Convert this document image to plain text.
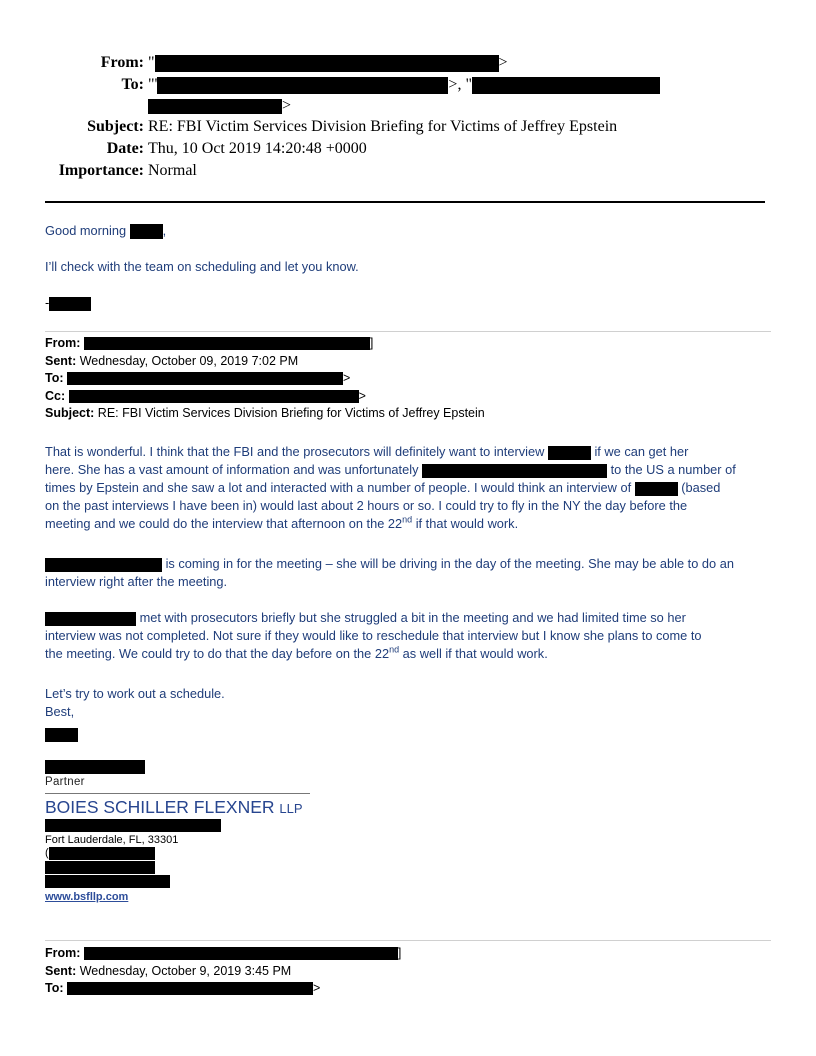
From: "	>
To: "'	>, "
>
Subject: RE: FBI Victim Services Division Briefing for Victims of Jeffrey Epstein
Date: Thu, 10 Oct 2019 14:20:48 +0000
Importance: Normal
Good morning	,
I’ll check with the team on scheduling and let you know.
-
From:	]
Sent: Wednesday, October 09, 2019 7:02 PM
To:	>
Cc:	>
Subject: RE: FBI Victim Services Division Briefing for Victims of Jeffrey Epstein
That is wonderful. I think that the FBI and the prosecutors will definitely want to interview	if we can get her
here. She has a vast amount of information and was unfortunately	to the US a number of
times by Epstein and she saw a lot and interacted with a number of people. I would think an interview of	(based
on the past interviews I have been in) would last about 2 hours or so. I could try to fly in the NY the day before the
meeting and we could do the interview that afternoon on the 22nd if that would work.
is coming in for the meeting – she will be driving in the day of the meeting. She may be able to do an
interview right after the meeting.
met with prosecutors briefly but she struggled a bit in the meeting and we had limited time so her
interview was not completed. Not sure if they would like to reschedule that interview but I know she plans to come to
the meeting. We could try to do that the day before on the 22nd as well if that would work.
Let’s try to work out a schedule.
Best,
Partner
BOIES SCHILLER FLEXNER LLP
Fort Lauderdale, FL, 33301
(
www.bsfllp.com
From:	]
Sent: Wednesday, October 9, 2019 3:45 PM
To:	>
